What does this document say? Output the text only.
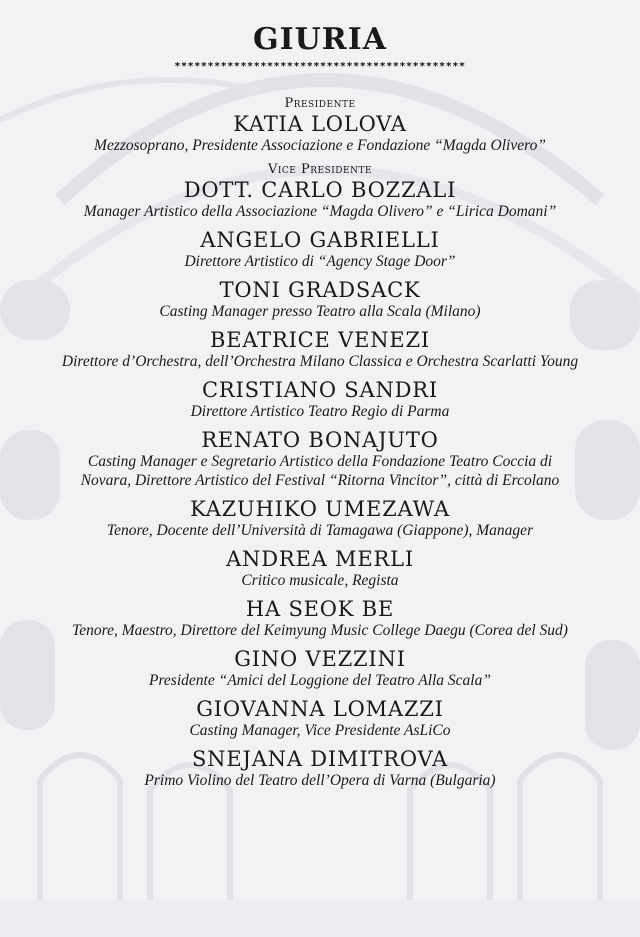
GIURIA
********************************************
Presidente
KATIA LOLOVA
Mezzosoprano, Presidente Associazione e Fondazione “Magda Olivero”
Vice Presidente
DOTT. CARLO BOZZALI
Manager Artistico della Associazione “Magda Olivero” e “Lirica Domani”
ANGELO GABRIELLI
Direttore Artistico di “Agency Stage Door”
TONI GRADSACK
Casting Manager presso Teatro alla Scala (Milano)
BEATRICE VENEZI
Direttore d’Orchestra, dell’Orchestra Milano Classica e Orchestra Scarlatti Young
CRISTIANO SANDRI
Direttore Artistico Teatro Regio di Parma
RENATO BONAJUTO
Casting Manager e Segretario Artistico della Fondazione Teatro Coccia di
Novara, Direttore Artistico del Festival “Ritorna Vincitor”, città di Ercolano
KAZUHIKO UMEZAWA
Tenore, Docente dell’Università di Tamagawa (Giappone), Manager
ANDREA MERLI
Critico musicale, Regista
HA SEOK BE
Tenore, Maestro, Direttore del Keimyung Music College Daegu (Corea del Sud)
GINO VEZZINI
Presidente “Amici del Loggione del Teatro Alla Scala”
GIOVANNA LOMAZZI
Casting Manager, Vice Presidente AsLiCo
SNEJANA DIMITROVA
Primo Violino del Teatro dell’Opera di Varna (Bulgaria)
